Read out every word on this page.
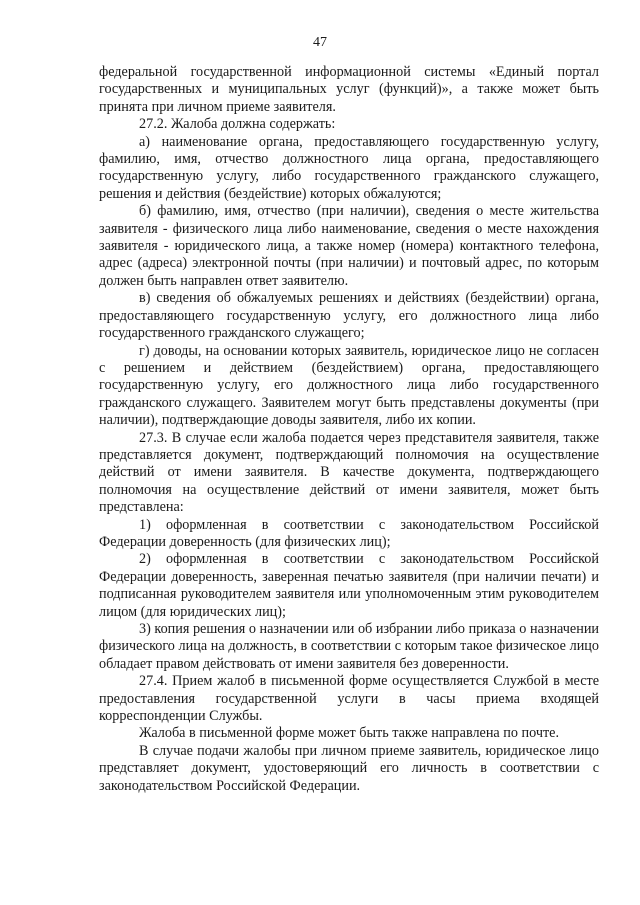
47

федеральной государственной информационной системы «Единый портал государственных и муниципальных услуг (функций)», а также может быть принята при личном приеме заявителя.

27.2. Жалоба должна содержать:

а) наименование органа, предоставляющего государственную услугу, фамилию, имя, отчество должностного лица органа, предоставляющего государственную услугу, либо государственного гражданского служащего, решения и действия (бездействие) которых обжалуются;

б) фамилию, имя, отчество (при наличии), сведения о месте жительства заявителя - физического лица либо наименование, сведения о месте нахождения заявителя - юридического лица, а также номер (номера) контактного телефона, адрес (адреса) электронной почты (при наличии) и почтовый адрес, по которым должен быть направлен ответ заявителю.

в) сведения об обжалуемых решениях и действиях (бездействии) органа, предоставляющего государственную услугу, его должностного лица либо государственного гражданского служащего;

г) доводы, на основании которых заявитель, юридическое лицо не согласен с решением и действием (бездействием) органа, предоставляющего государственную услугу, его должностного лица либо государственного гражданского служащего. Заявителем могут быть представлены документы (при наличии), подтверждающие доводы заявителя, либо их копии.

27.3. В случае если жалоба подается через представителя заявителя, также представляется документ, подтверждающий полномочия на осуществление действий от имени заявителя. В качестве документа, подтверждающего полномочия на осуществление действий от имени заявителя, может быть представлена:

1) оформленная в соответствии с законодательством Российской Федерации доверенность (для физических лиц);

2) оформленная в соответствии с законодательством Российской Федерации доверенность, заверенная печатью заявителя (при наличии печати) и подписанная руководителем заявителя или уполномоченным этим руководителем лицом (для юридических лиц);

3) копия решения о назначении или об избрании либо приказа о назначении физического лица на должность, в соответствии с которым такое физическое лицо обладает правом действовать от имени заявителя без доверенности.

27.4. Прием жалоб в письменной форме осуществляется Службой в месте предоставления государственной услуги в часы приема входящей корреспонденции Службы.

Жалоба в письменной форме может быть также направлена по почте.

В случае подачи жалобы при личном приеме заявитель, юридическое лицо представляет документ, удостоверяющий его личность в соответствии с законодательством Российской Федерации.
